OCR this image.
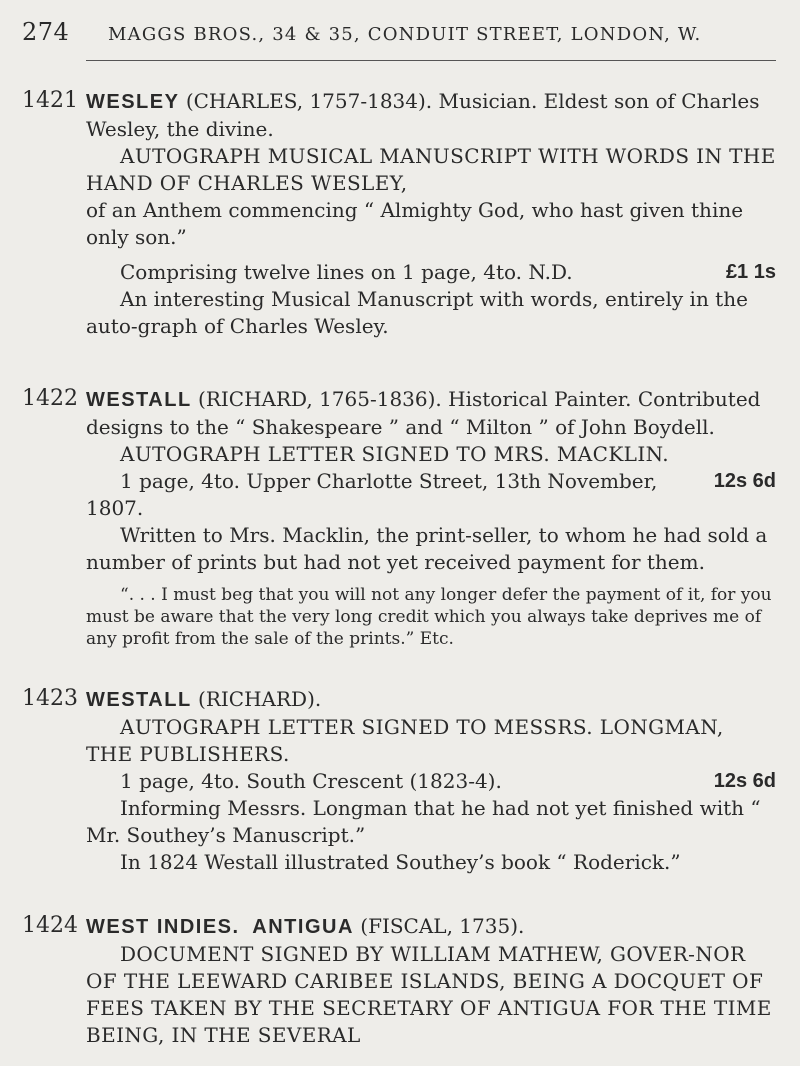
274 MAGGS BROS., 34 & 35, CONDUIT STREET, LONDON, W.
1421 WESLEY (CHARLES, 1757-1834). Musician. Eldest son of Charles Wesley, the divine.

AUTOGRAPH MUSICAL MANUSCRIPT WITH WORDS IN THE HAND OF CHARLES WESLEY,

of an Anthem commencing “ Almighty God, who hast given thine only son.”

£1 1s
Comprising twelve lines on 1 page, 4to. N.D.

An interesting Musical Manuscript with words, entirely in the auto-graph of Charles Wesley.

1422 WESTALL (RICHARD, 1765-1836). Historical Painter. Contributed designs to the “ Shakespeare ” and “ Milton ” of John Boydell.

AUTOGRAPH LETTER SIGNED TO MRS. MACKLIN.

12s 6d
1 page, 4to. Upper Charlotte Street, 13th November, 1807.

Written to Mrs. Macklin, the print-seller, to whom he had sold a number of prints but had not yet received payment for them.

“. . . I must beg that you will not any longer defer the payment of it, for you must be aware that the very long credit which you always take deprives me of any profit from the sale of the prints.” Etc.

1423 WESTALL (RICHARD).

AUTOGRAPH LETTER SIGNED TO MESSRS. LONGMAN, THE PUBLISHERS.

12s 6d
1 page, 4to. South Crescent (1823-4).

Informing Messrs. Longman that he had not yet finished with “ Mr. Southey’s Manuscript.”

In 1824 Westall illustrated Southey’s book “ Roderick.”

1424 WEST INDIES. ANTIGUA (FISCAL, 1735).

DOCUMENT SIGNED BY WILLIAM MATHEW, GOVER-NOR OF THE LEEWARD CARIBEE ISLANDS, BEING A DOCQUET OF FEES TAKEN BY THE SECRETARY OF ANTIGUA FOR THE TIME BEING, IN THE SEVERAL
